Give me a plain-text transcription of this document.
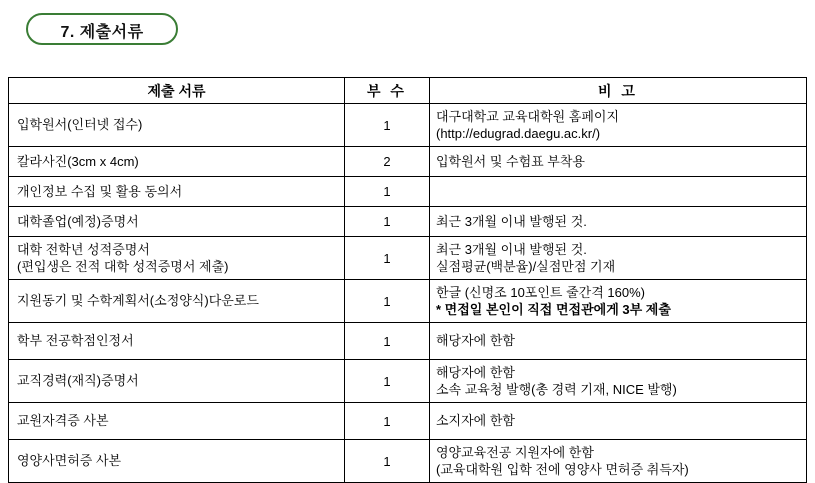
7. 제출서류
제출 서류	부 수	비 고

입학원서(인터넷 접수)	1	대구대학교 교육대학원 홈페이지
(http://edugrad.daegu.ac.kr/)

칼라사진(3cm x 4cm)	2	입학원서 및 수험표 부착용

개인정보 수집 및 활용 동의서	1	

대학졸업(예정)증명서	1	최근 3개월 이내 발행된 것.

대학 전학년 성적증명서
(편입생은 전적 대학 성적증명서 제출)	1	최근 3개월 이내 발행된 것.
실점평균(백분율)/실점만점 기재

지원동기 및 수학계획서(소정양식)다운로드	1	한글 (신명조 10포인트 줄간격 160%)
* 면접일 본인이 직접 면접관에게 3부 제출

학부 전공학점인정서	1	해당자에 한함

교직경력(재직)증명서	1	해당자에 한함
소속 교육청 발행(총 경력 기재, NICE 발행)

교원자격증 사본	1	소지자에 한함

영양사면허증 사본	1	영양교육전공 지원자에 한함
(교육대학원 입학 전에 영양사 면허증 취득자)
